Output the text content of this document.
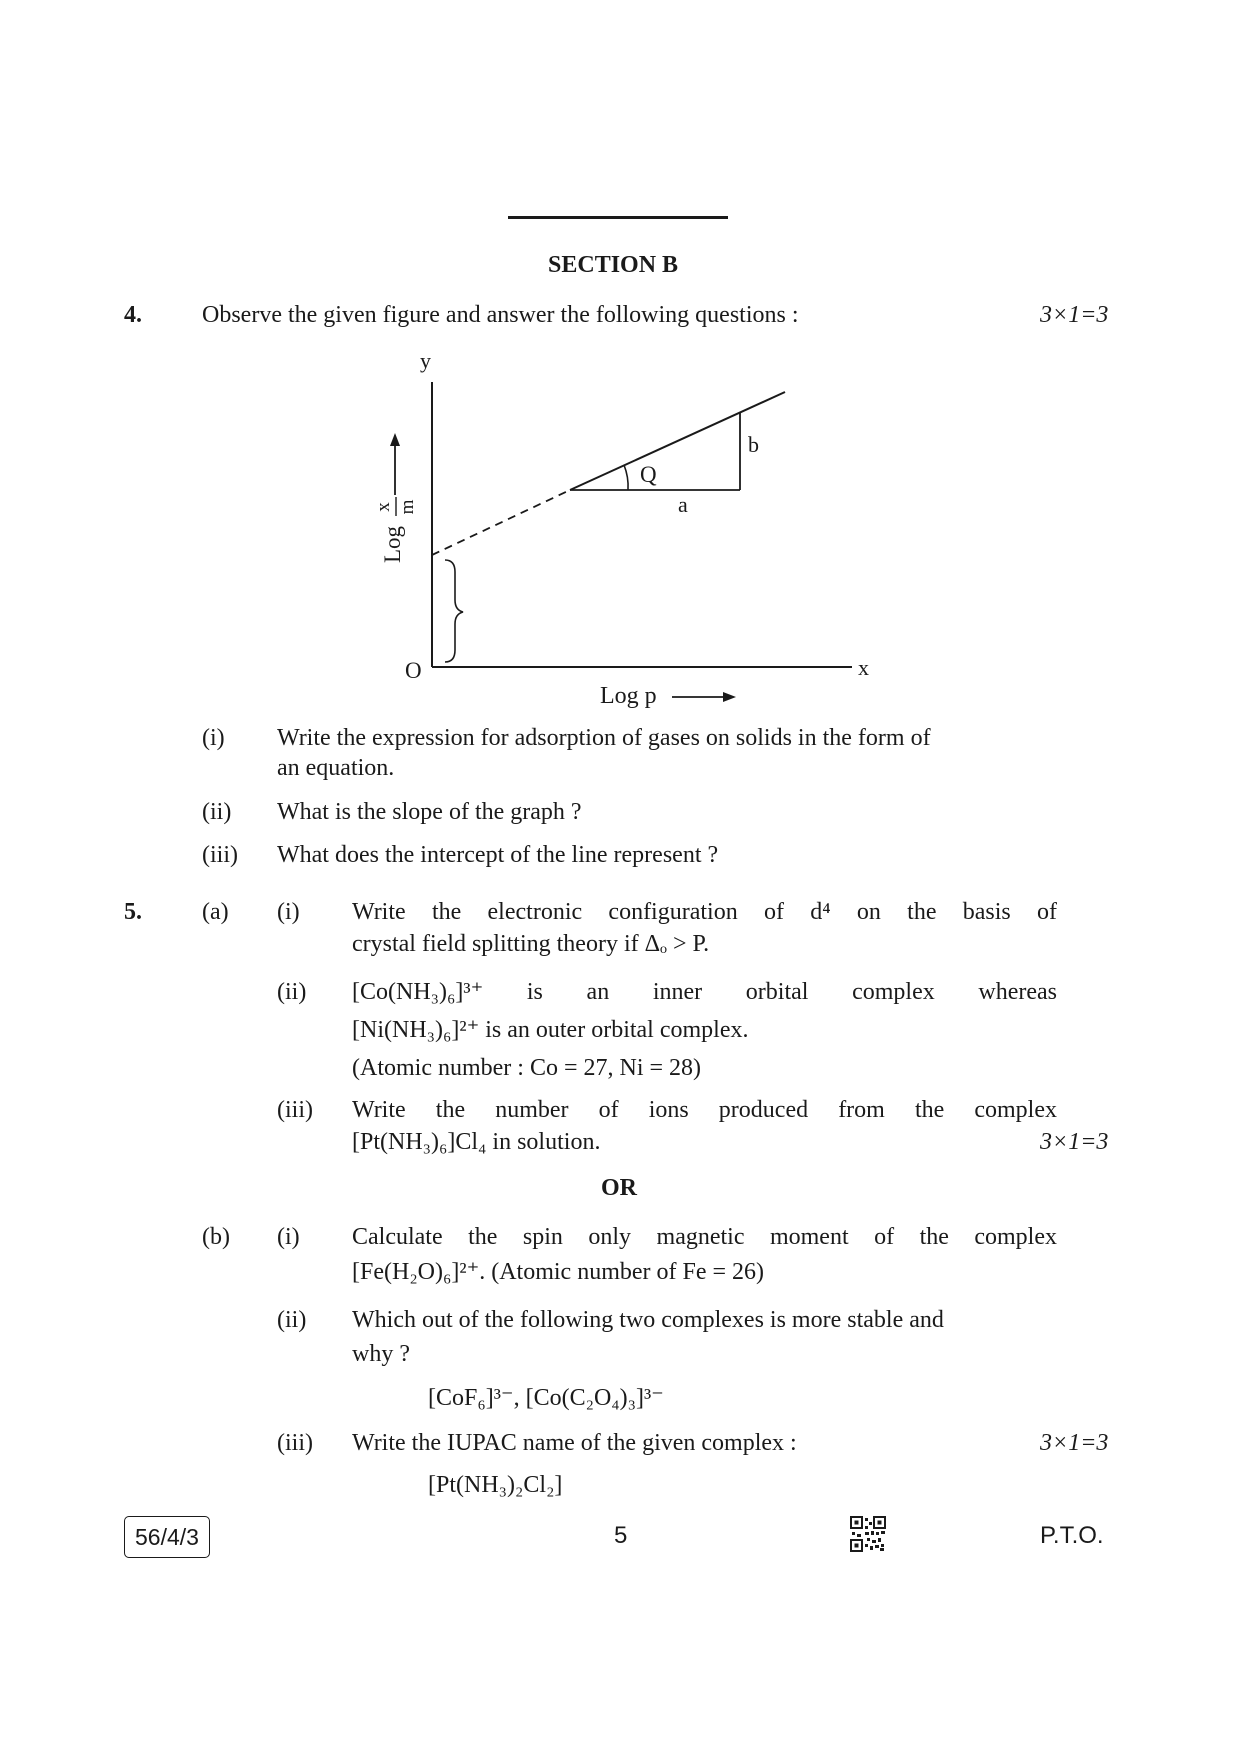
SECTION B
4.	Observe the given figure and answer the following questions :	3×1=3
Log
x m
y
x
O
Log p
Q
a
b
(i) Write the expression for adsorption of gases on solids in the form of
an equation.
(ii) What is the slope of the graph ?
(iii) What does the intercept of the line represent ?
5.	(a) (i) Write the electronic configuration of d⁴ on the basis of
crystal field splitting theory if Δₒ > P.
(ii) [Co(NH₃)₆]³⁺ is an inner orbital complex whereas
[Ni(NH₃)₆]²⁺ is an outer orbital complex.
(Atomic number : Co = 27, Ni = 28)
(iii) Write the number of ions produced from the complex
[Pt(NH₃)₆]Cl₄ in solution.	3×1=3
OR
(b) (i) Calculate the spin only magnetic moment of the complex
[Fe(H₂O)₆]²⁺. (Atomic number of Fe = 26)
(ii) Which out of the following two complexes is more stable and
why ?
[CoF₆]³⁻, [Co(C₂O₄)₃]³⁻
(iii) Write the IUPAC name of the given complex :	3×1=3
[Pt(NH₃)₂Cl₂]
56/4/3	5	P.T.O.
